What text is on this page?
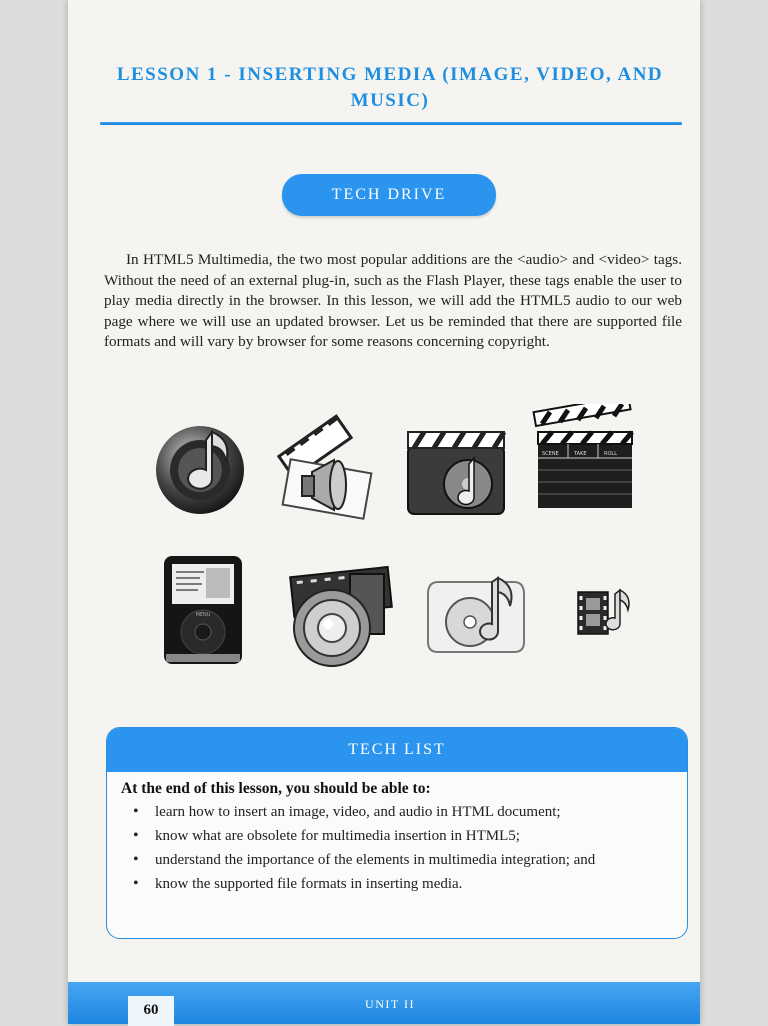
LESSON 1 - INSERTING MEDIA (IMAGE, VIDEO, AND MUSIC)
TECH DRIVE
In HTML5 Multimedia, the two most popular additions are the <audio> and <video> tags. Without the need of an external plug-in, such as the Flash Player, these tags enable the user to play media directly in the browser. In this lesson, we will add the HTML5 audio to our web page where we will use an updated browser. Let us be reminded that there are supported file formats and will vary by browser for some reasons concerning copyright.
SCENE	TAKE	ROLL
MENU
TECH LIST
At the end of this lesson, you should be able to:
• learn how to insert an image, video, and audio in HTML document;
• know what are obsolete for multimedia insertion in HTML5;
• understand the importance of the elements in multimedia integration; and
• know the supported file formats in inserting media.
60	UNIT II
